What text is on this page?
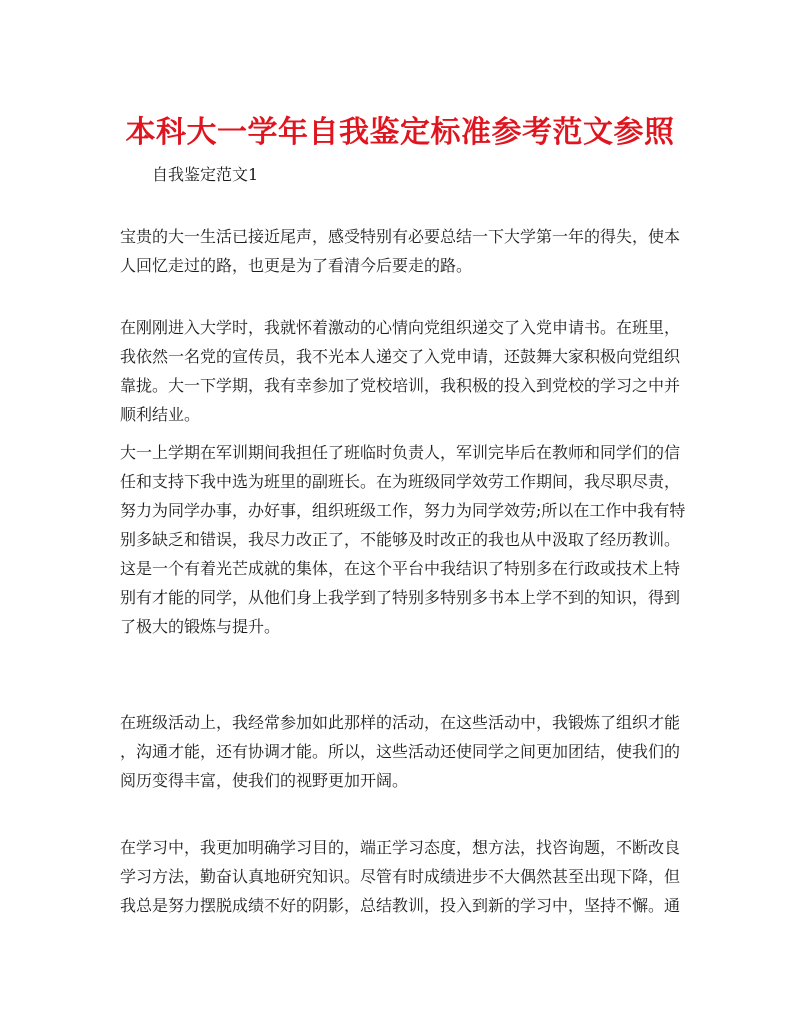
本科大一学年自我鉴定标准参考范文参照
自我鉴定范文1
宝贵的大一生活已接近尾声，感受特别有必要总结一下大学第一年的得失，使本
人回忆走过的路，也更是为了看清今后要走的路。
在刚刚进入大学时，我就怀着激动的心情向党组织递交了入党申请书。在班里，
我依然一名党的宣传员，我不光本人递交了入党申请，还鼓舞大家积极向党组织
靠拢。大一下学期，我有幸参加了党校培训，我积极的投入到党校的学习之中并
顺利结业。
大一上学期在军训期间我担任了班临时负责人，军训完毕后在教师和同学们的信
任和支持下我中选为班里的副班长。在为班级同学效劳工作期间，我尽职尽责，
努力为同学办事，办好事，组织班级工作，努力为同学效劳;所以在工作中我有特
别多缺乏和错误，我尽力改正了，不能够及时改正的我也从中汲取了经历教训。
这是一个有着光芒成就的集体，在这个平台中我结识了特别多在行政或技术上特
别有才能的同学，从他们身上我学到了特别多特别多书本上学不到的知识，得到
了极大的锻炼与提升。
在班级活动上，我经常参加如此那样的活动，在这些活动中，我锻炼了组织才能
，沟通才能，还有协调才能。所以，这些活动还使同学之间更加团结，使我们的
阅历变得丰富，使我们的视野更加开阔。
在学习中，我更加明确学习目的，端正学习态度，想方法，找咨询题，不断改良
学习方法，勤奋认真地研究知识。尽管有时成绩进步不大偶然甚至出现下降，但
我总是努力摆脱成绩不好的阴影，总结教训，投入到新的学习中，坚持不懈。通
